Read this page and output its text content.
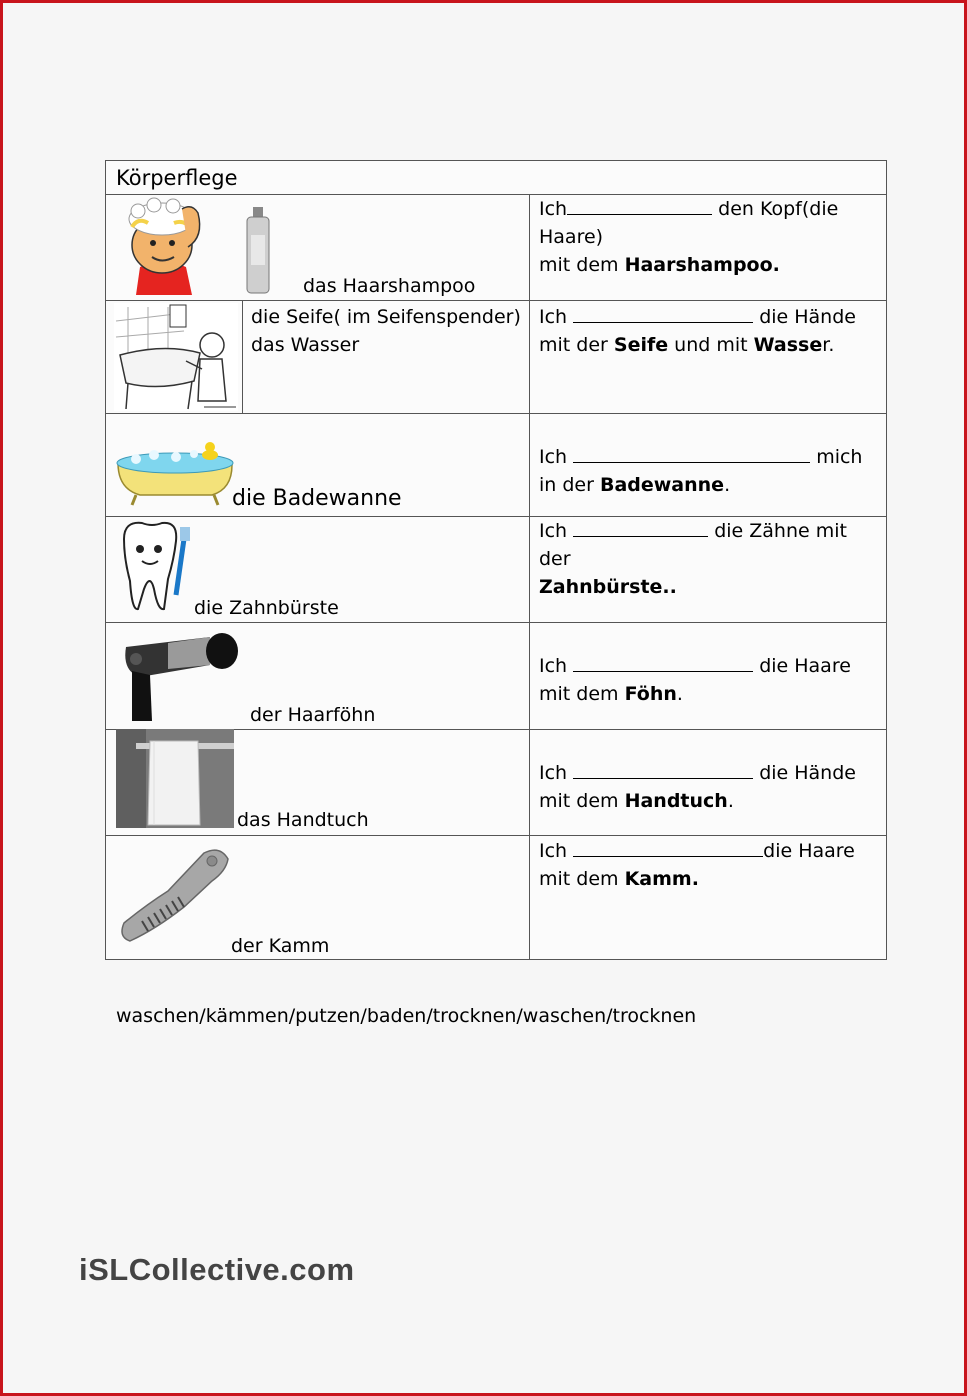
Körperflege
das Haarshampoo
Ich	den Kopf(die Haare)
mit dem Haarshampoo.
die Seife( im Seifenspender)
das Wasser
Ich	die Hände
mit der Seife und mit Wasser.
die Badewanne
Ich	mich
in der Badewanne.
die Zahnbürste
Ich	die Zähne mit der
Zahnbürste..
der Haarföhn
Ich	die Haare
mit dem Föhn.
das Handtuch
Ich	die Hände
mit dem Handtuch.
der Kamm
Ich	die Haare
mit dem Kamm.
waschen/kämmen/putzen/baden/trocknen/waschen/trocknen
iSLCollective.com
